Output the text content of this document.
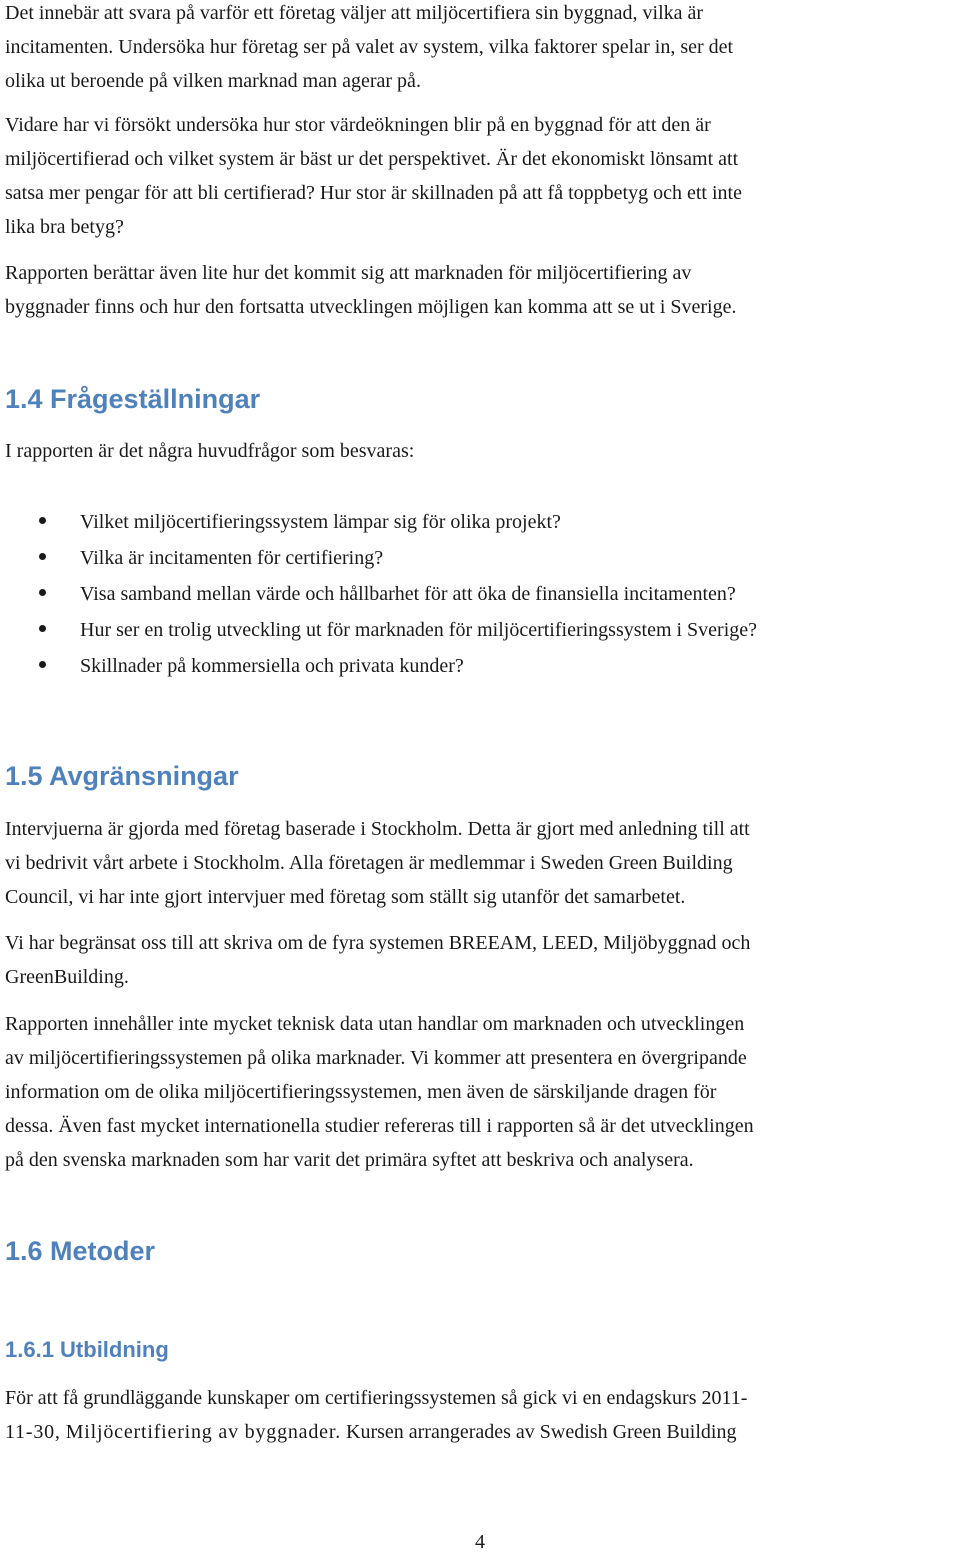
Det innebär att svara på varför ett företag väljer att miljöcertifiera sin byggnad, vilka är
incitamenten. Undersöka hur företag ser på valet av system, vilka faktorer spelar in, ser det
olika ut beroende på vilken marknad man agerar på.
Vidare har vi försökt undersöka hur stor värdeökningen blir på en byggnad för att den är
miljöcertifierad och vilket system är bäst ur det perspektivet. Är det ekonomiskt lönsamt att
satsa mer pengar för att bli certifierad? Hur stor är skillnaden på att få toppbetyg och ett inte
lika bra betyg?
Rapporten berättar även lite hur det kommit sig att marknaden för miljöcertifiering av
byggnader finns och hur den fortsatta utvecklingen möjligen kan komma att se ut i Sverige.
1.4 Frågeställningar
I rapporten är det några huvudfrågor som besvaras:
Vilket miljöcertifieringssystem lämpar sig för olika projekt?
Vilka är incitamenten för certifiering?
Visa samband mellan värde och hållbarhet för att öka de finansiella incitamenten?
Hur ser en trolig utveckling ut för marknaden för miljöcertifieringssystem i Sverige?
Skillnader på kommersiella och privata kunder?
1.5 Avgränsningar
Intervjuerna är gjorda med företag baserade i Stockholm. Detta är gjort med anledning till att
vi bedrivit vårt arbete i Stockholm. Alla företagen är medlemmar i Sweden Green Building
Council, vi har inte gjort intervjuer med företag som ställt sig utanför det samarbetet.
Vi har begränsat oss till att skriva om de fyra systemen BREEAM, LEED, Miljöbyggnad och
GreenBuilding.
Rapporten innehåller inte mycket teknisk data utan handlar om marknaden och utvecklingen
av miljöcertifieringssystemen på olika marknader. Vi kommer att presentera en övergripande
information om de olika miljöcertifieringssystemen, men även de särskiljande dragen för
dessa. Även fast mycket internationella studier refereras till i rapporten så är det utvecklingen
på den svenska marknaden som har varit det primära syftet att beskriva och analysera.
1.6 Metoder
1.6.1 Utbildning
För att få grundläggande kunskaper om certifieringssystemen så gick vi en endagskurs 2011-
11-30, Miljöcertifiering av byggnader. Kursen arrangerades av Swedish Green Building
4
